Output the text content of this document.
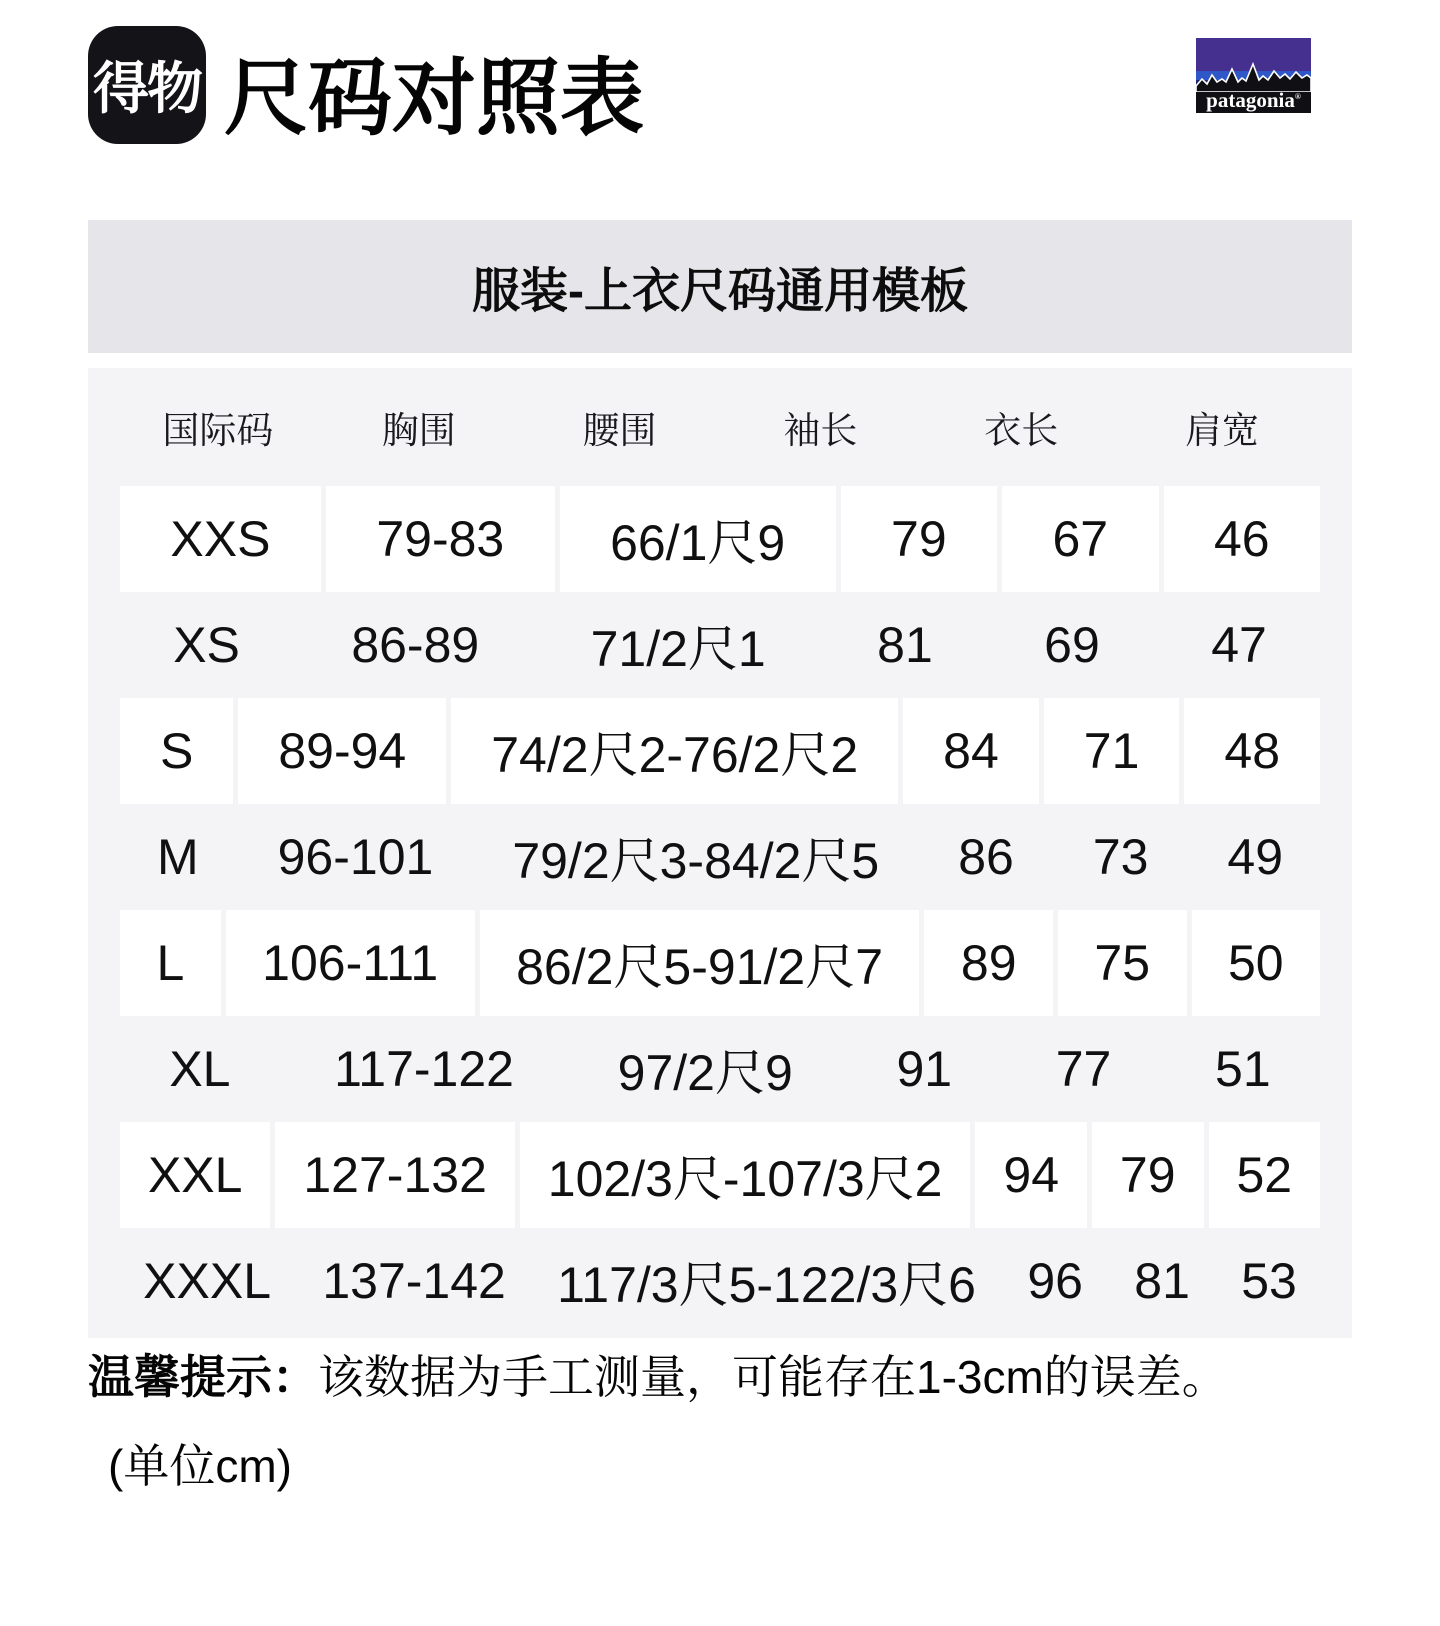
得物 尺码对照表	patagonia®
服装-上衣尺码通用模板
国际码	胸围	腰围	袖长	衣长	肩宽
XXS	79-83	66/1尺9	79	67	46
XS	86-89	71/2尺1	81	69	47
S	89-94	74/2尺2-76/2尺2	84	71	48
M	96-101	79/2尺3-84/2尺5	86	73	49
L	106-111	86/2尺5-91/2尺7	89	75	50
XL	117-122	97/2尺9	91	77	51
XXL	127-132	102/3尺-107/3尺2	94	79	52
XXXL	137-142	117/3尺5-122/3尺6	96	81	53
温馨提示：该数据为手工测量，可能存在1-3cm的误差。
(单位cm)
